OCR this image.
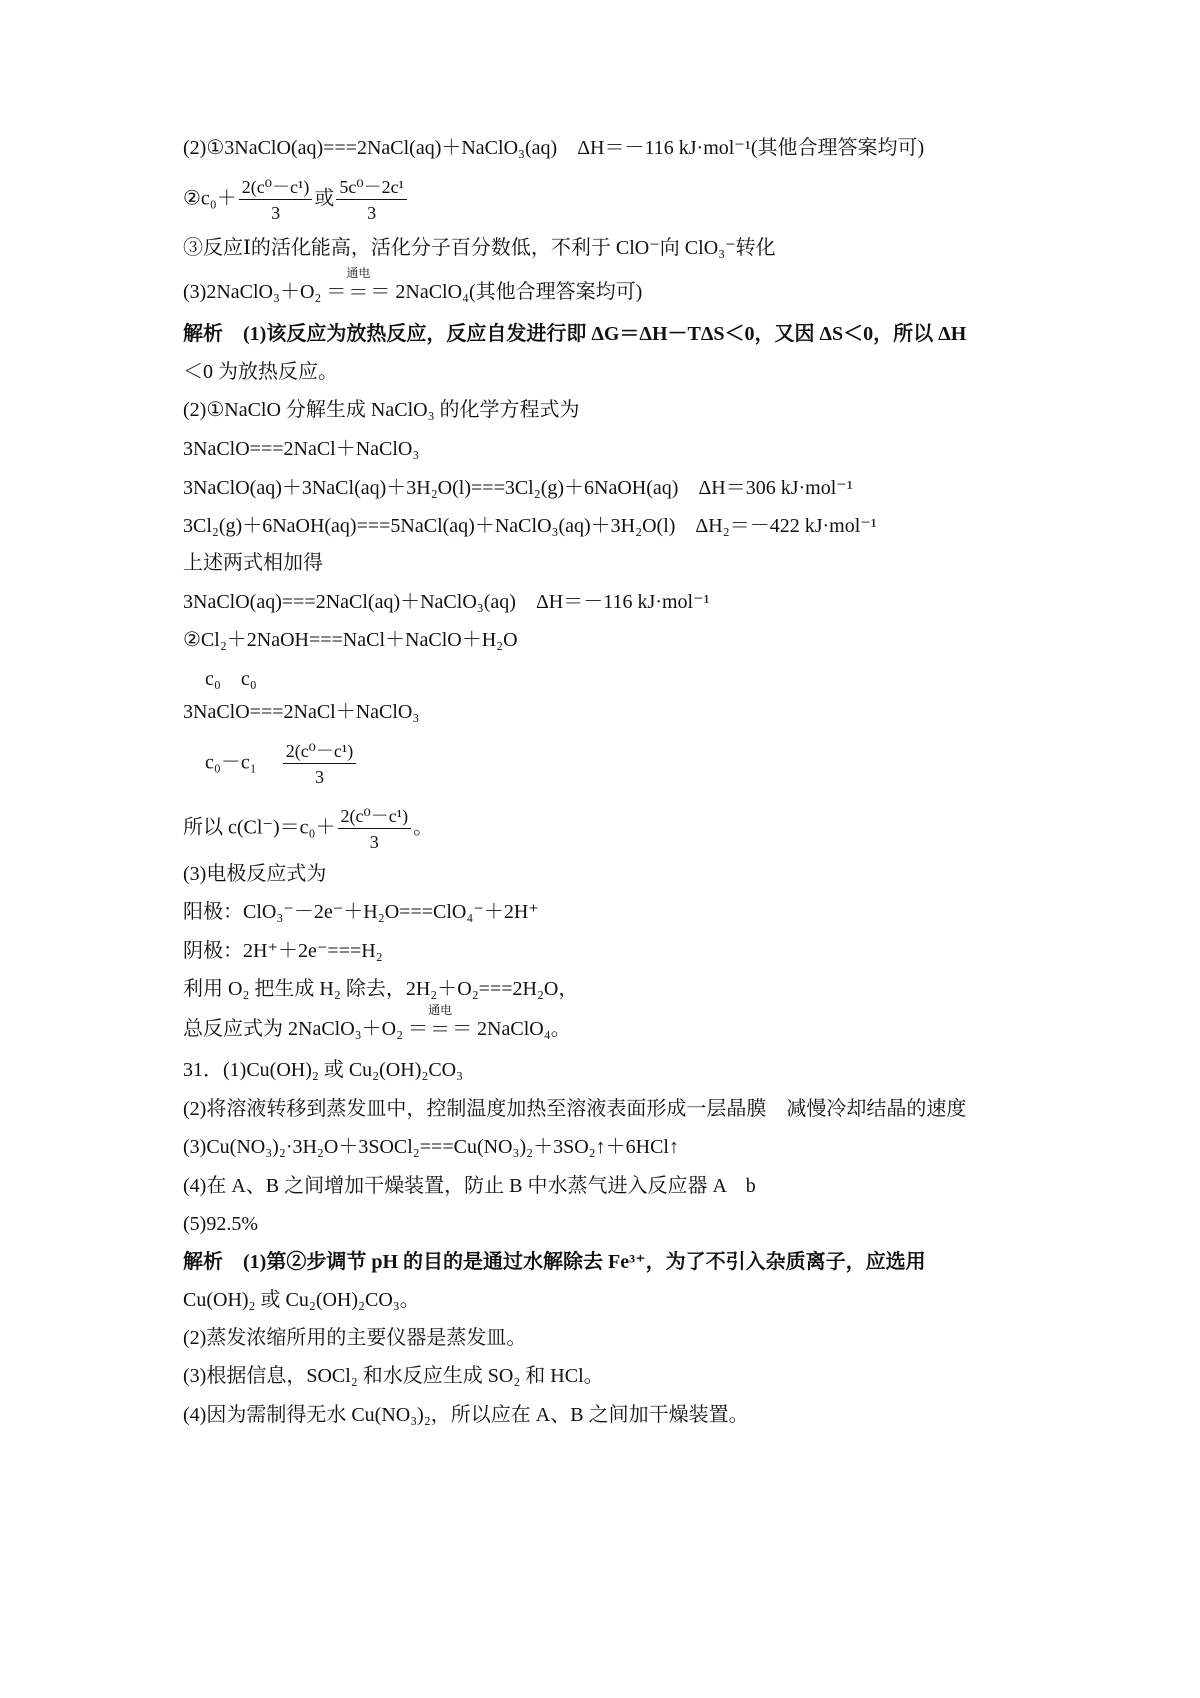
(2)①3NaClO(aq)===2NaCl(aq)＋NaClO₃(aq)　ΔH＝－116 kJ·mol⁻¹(其他合理答案均可)
②c₀＋ $\frac{\text{2(c⁰－c¹)}}{3}$ 或 $\frac{\text{5c⁰－2c¹}}{3}$
③反应Ⅰ的活化能高，活化分子百分数低，不利于 ClO⁻向 ClO₃⁻转化
(3)2NaClO₃＋O₂ ＝
通电
＝ ＝ 2NaClO₄(其他合理答案均可)
解析　(1)该反应为放热反应，反应自发进行即 ΔG＝ΔH－TΔS＜0，又因 ΔS＜0，所以 ΔH
＜0 为放热反应。
(2)①NaClO 分解生成 NaClO₃ 的化学方程式为
3NaClO===2NaCl＋NaClO₃
3NaClO(aq)＋3NaCl(aq)＋3H₂O(l)===3Cl₂(g)＋6NaOH(aq)　ΔH＝306 kJ·mol⁻¹
3Cl₂(g)＋6NaOH(aq)===5NaCl(aq)＋NaClO₃(aq)＋3H₂O(l)　ΔH₂＝－422 kJ·mol⁻¹
上述两式相加得
3NaClO(aq)===2NaCl(aq)＋NaClO₃(aq)　ΔH＝－116 kJ·mol⁻¹
②Cl₂＋2NaOH===NaCl＋NaClO＋H₂O
c₀　c₀
3NaClO===2NaCl＋NaClO₃
$c_0-c_1 \frac{\text{2(c⁰－c¹)}}{3}$
所以 $c(Cl^-)=c_0+ \frac{\text{2(c⁰－c¹)}}{3}$ 。
(3)电极反应式为
阳极：ClO₃⁻－2e⁻＋H₂O===ClO₄⁻＋2H⁺
阴极：2H⁺＋2e⁻===H₂
利用 O₂ 把生成 H₂ 除去，2H₂＋O₂===2H₂O，
总反应式为 2NaClO₃＋O₂ ＝
通电
＝ ＝ 2NaClO₄。
31．(1)Cu(OH)₂ 或 Cu₂(OH)₂CO₃
(2)将溶液转移到蒸发皿中，控制温度加热至溶液表面形成一层晶膜　减慢冷却结晶的速度
(3)Cu(NO₃)₂·3H₂O＋3SOCl₂===Cu(NO₃)₂＋3SO₂↑＋6HCl↑
(4)在 A、B 之间增加干燥装置，防止 B 中水蒸气进入反应器 A　b
(5)92.5%
解析　(1)第②步调节 pH 的目的是通过水解除去 Fe³⁺，为了不引入杂质离子，应选用
Cu(OH)₂ 或 Cu₂(OH)₂CO₃。
(2)蒸发浓缩所用的主要仪器是蒸发皿。
(3)根据信息，SOCl₂ 和水反应生成 SO₂ 和 HCl。
(4)因为需制得无水 Cu(NO₃)₂，所以应在 A、B 之间加干燥装置。
